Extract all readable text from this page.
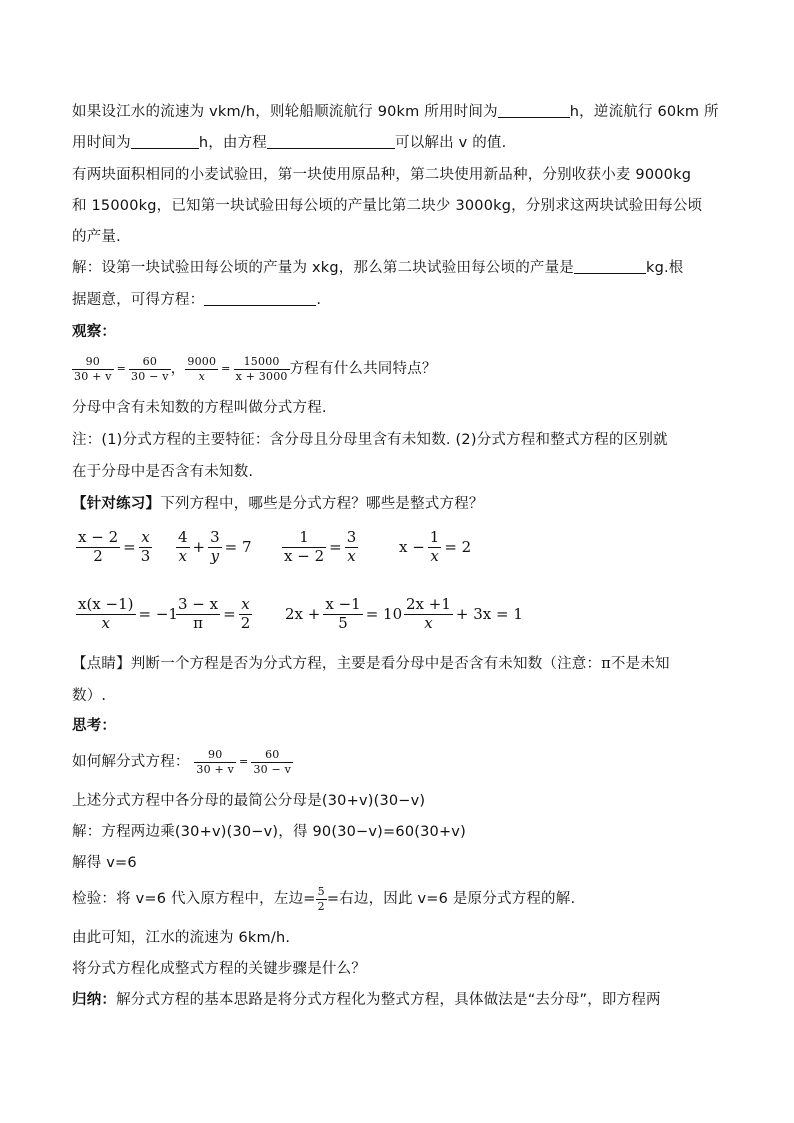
如果设江水的流速为 vkm/h，则轮船顺流航行 90km 所用时间为	h，逆流航行 60km 所
用时间为	h，由方程	可以解出 v 的值.
有两块面积相同的小麦试验田，第一块使用原品种，第二块使用新品种，分别收获小麦 9000kg
和 15000kg，已知第一块试验田每公顷的产量比第二块少 3000kg，分别求这两块试验田每公顷
的产量.
解：设第一块试验田每公顷的产量为 xkg，那么第二块试验田每公顷的产量是	kg.根
据题意，可得方程：	.
观察：
$\frac{90}{30 + v} = \frac{60}{30 - v}$ ， $\frac{9000}{x} = \frac{15000}{x + 3000}$ 方程有什么共同特点？
分母中含有未知数的方程叫做分式方程.
注：(1)分式方程的主要特征：含分母且分母里含有未知数. (2)分式方程和整式方程的区别就
在于分母中是否含有未知数.
【针对练习】下列方程中，哪些是分式方程？哪些是整式方程？
$\frac{x - 2}{2} = \frac{x}{3} \frac{4}{x} + \frac{3}{y} = 7 \frac{1}{x - 2} = \frac{3}{x}$	$x - \frac{1}{x} = 2$
$\frac{x(x -1)}{x} = -1$
$\frac{3 - x}{\pi} = \frac{x}{2} 2x + \frac{x -1}{5} = 10 \frac{2x +1}{x} + 3x = 1$
【点睛】判断一个方程是否为分式方程，主要是看分母中是否含有未知数（注意：π不是未知
数）.
思考：
如何解分式方程： $\frac{90}{30 + v} = \frac{60}{30 - v}$
上述分式方程中各分母的最简公分母是(30+v)(30−v)
解：方程两边乘(30+v)(30−v)，得 90(30−v)=60(30+v)
解得 v=6
检验：将 v=6 代入原方程中，左边= $\frac{5}{2}$ =右边，因此 v=6 是原分式方程的解.
由此可知，江水的流速为 6km/h.
将分式方程化成整式方程的关键步骤是什么？
归纳：解分式方程的基本思路是将分式方程化为整式方程，具体做法是“去分母”，即方程两
